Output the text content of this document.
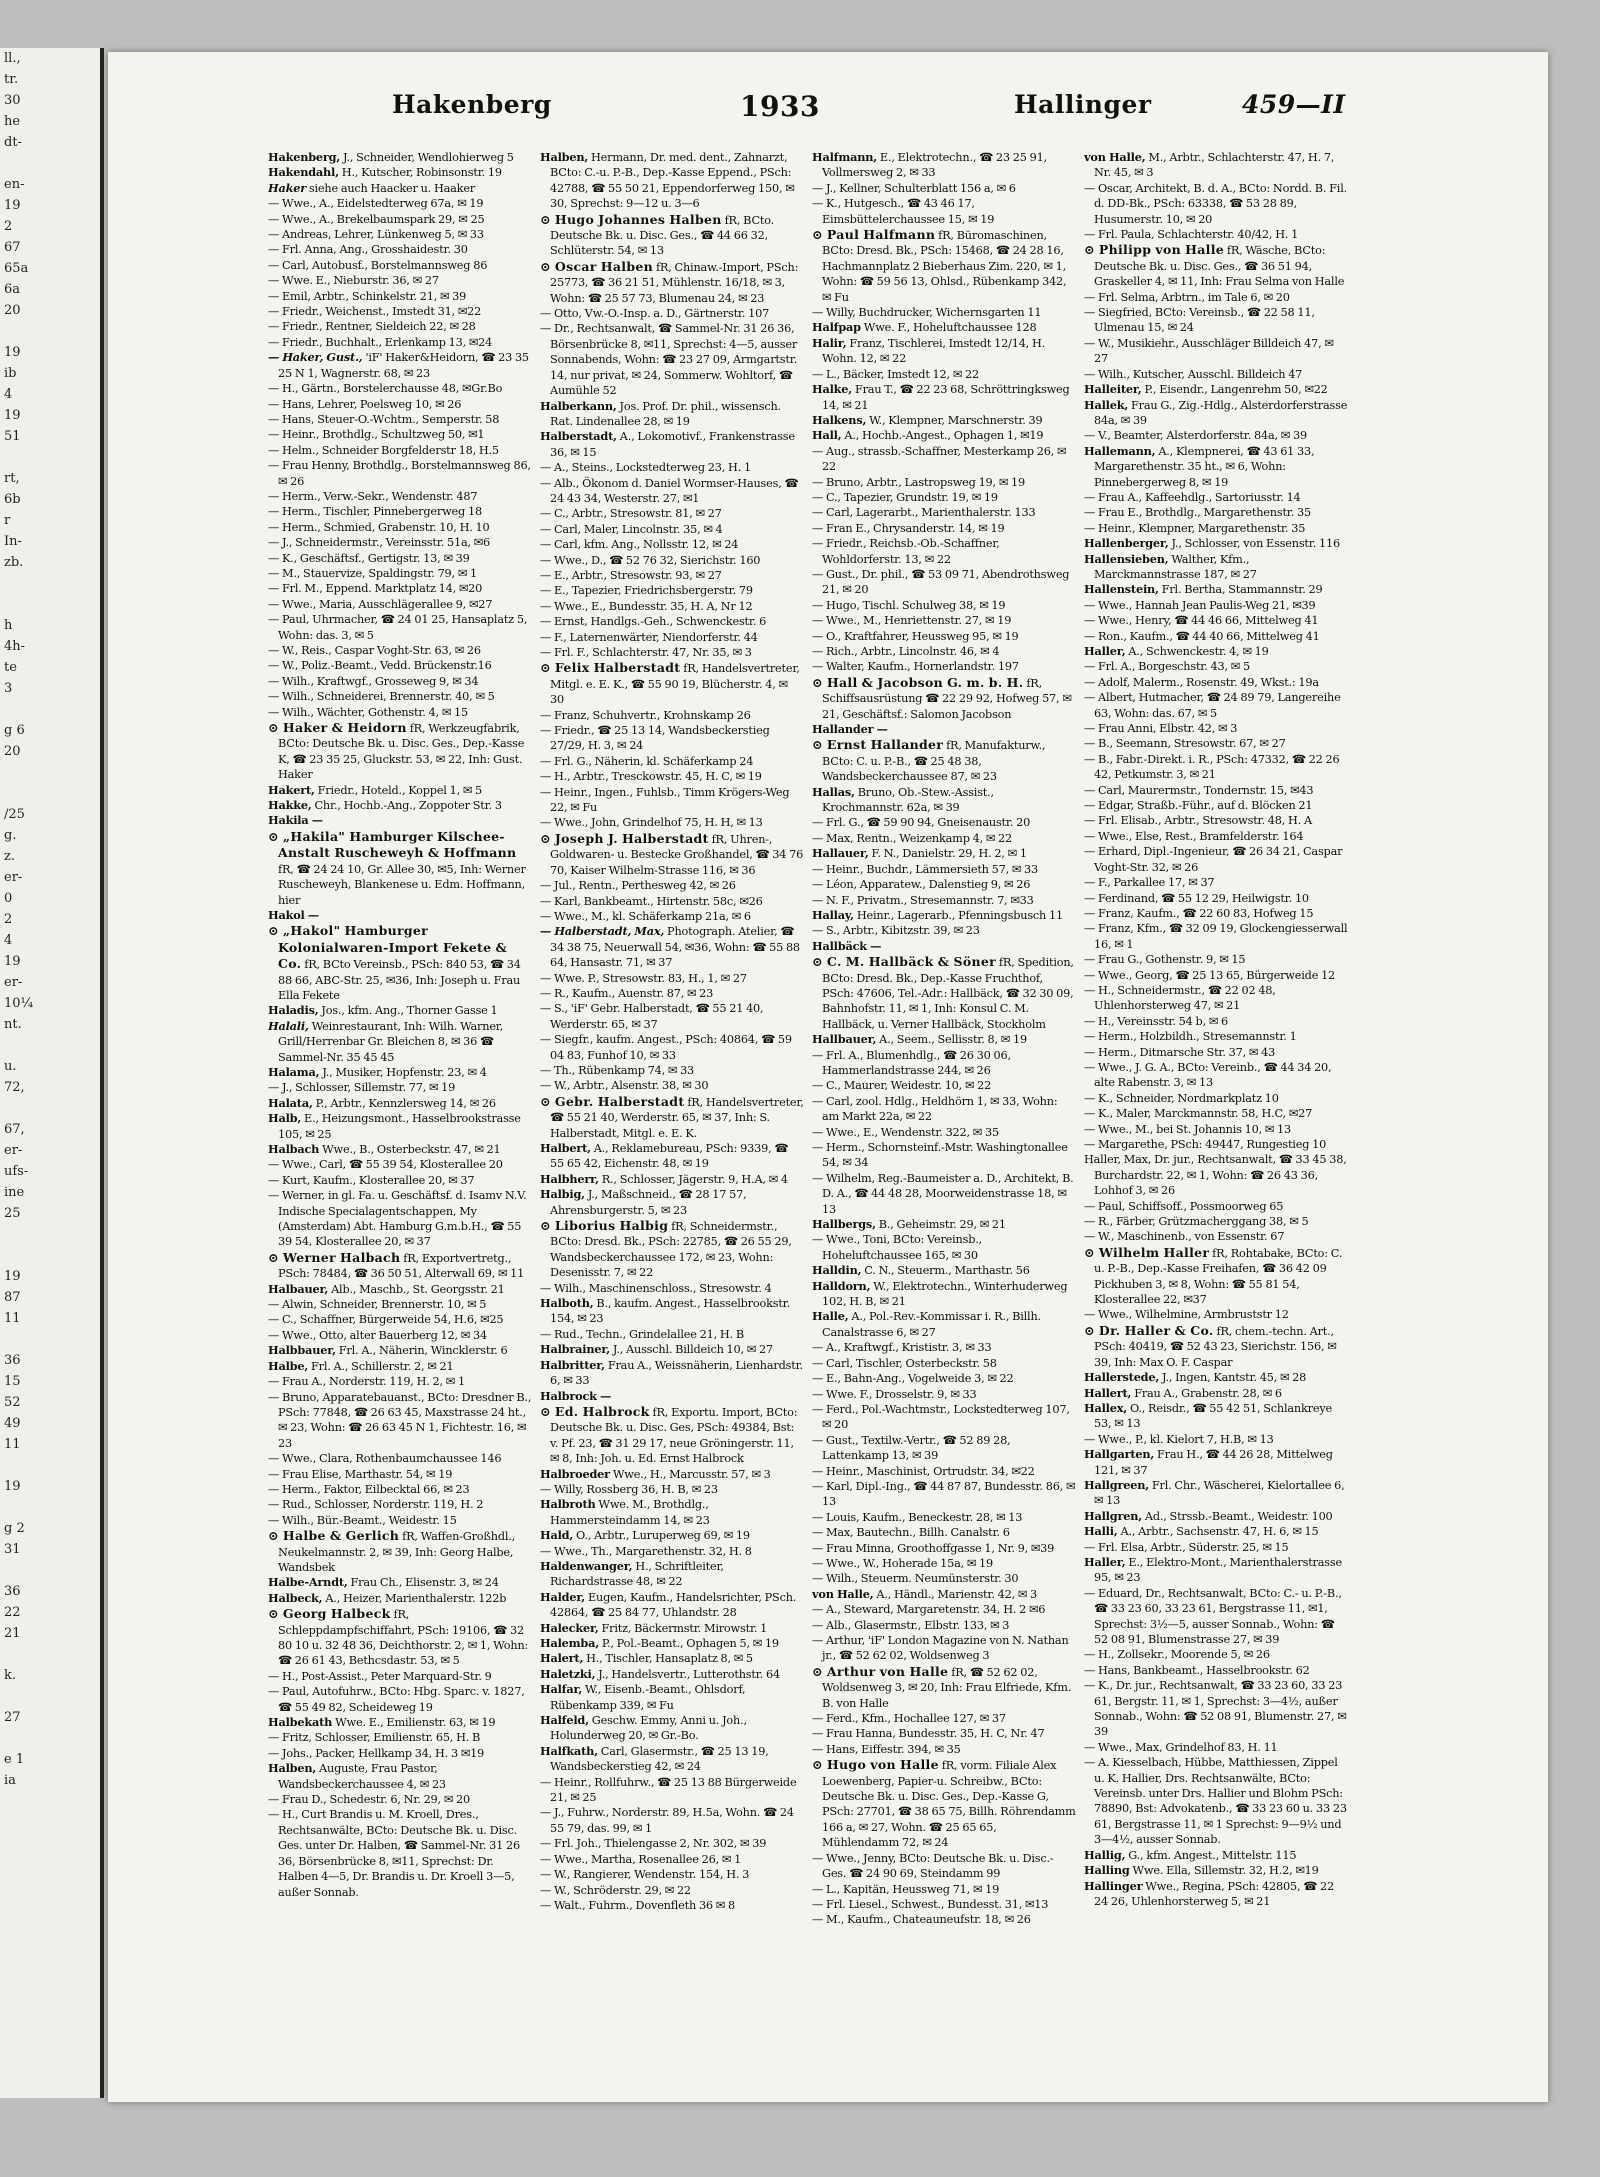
ll.,
tr.
30
he
dt-

en-
19
2
67
65a
6a
20

19
ib
4
19
51

rt,
6b
r
In-
zb.

h
4h-
te
3

g 6
20

/25
g.
z.
er-
0
2
4
19
er-
10¼
nt.

u.
72,

67,
er-
ufs-
ine
25

19
87
11

36
15
52
49
11

19

g 2
31

36
22
21

k.

27

e 1
ia
Hakenberg	1933	Hallinger	459—II
Hakenberg, J., Schneider, Wendlohierweg 5
Hakendahl, H., Kutscher, Robinsonstr. 19
Haker siehe auch Haacker u. Haaker
— Wwe., A., Eidelstedterweg 67a, ✉ 19
— Wwe., A., Brekelbaumspark 29, ✉ 25
— Andreas, Lehrer, Lünkenweg 5, ✉ 33
— Frl. Anna, Ang., Grosshaidestr. 30
— Carl, Autobusf., Borstelmannsweg 86
— Wwe. E., Nieburstr. 36, ✉ 27
— Emil, Arbtr., Schinkelstr. 21, ✉ 39
— Friedr., Weichenst., Imstedt 31, ✉22
— Friedr., Rentner, Sieldeich 22, ✉ 28
— Friedr., Buchhalt., Erlenkamp 13, ✉24
— Haker, Gust., 'iF' Haker&Heidorn, ☎ 23 35 25 N 1, Wagnerstr. 68, ✉ 23
— H., Gärtn., Borstelerchausse 48, ✉Gr.Bo
— Hans, Lehrer, Poelsweg 10, ✉ 26
— Hans, Steuer-O.-Wchtm., Semperstr. 58
— Heinr., Brothdlg., Schultzweg 50, ✉1
— Helm., Schneider Borgfelderstr 18, H.5
— Frau Henny, Brothdlg., Borstelmannsweg 86, ✉ 26
— Herm., Verw.-Sekr., Wendenstr. 487
— Herm., Tischler, Pinnebergerweg 18
— Herm., Schmied, Grabenstr. 10, H. 10
— J., Schneidermstr., Vereinsstr. 51a, ✉6
— K., Geschäftsf., Gertigstr. 13, ✉ 39
— M., Stauervize, Spaldingstr. 79, ✉ 1
— Frl. M., Eppend. Marktplatz 14, ✉20
— Wwe., Maria, Ausschlägerallee 9, ✉27
— Paul, Uhrmacher, ☎ 24 01 25, Hansaplatz 5, Wohn: das. 3, ✉ 5
— W., Reis., Caspar Voght-Str. 63, ✉ 26
— W., Poliz.-Beamt., Vedd. Brückenstr.16
— Wilh., Kraftwgf., Grosseweg 9, ✉ 34
— Wilh., Schneiderei, Brennerstr. 40, ✉ 5
— Wilh., Wächter, Gothenstr. 4, ✉ 15
⊙ Haker & Heidorn fR, Werkzeugfabrik, BCto: Deutsche Bk. u. Disc. Ges., Dep.-Kasse K, ☎ 23 35 25, Gluckstr. 53, ✉ 22, Inh: Gust. Haker
Hakert, Friedr., Hoteld., Koppel 1, ✉ 5
Hakke, Chr., Hochb.-Ang., Zoppoter Str. 3
Hakila —
⊙ „Hakila" Hamburger Kilschee-Anstalt Ruscheweyh & Hoffmann fR, ☎ 24 24 10, Gr. Allee 30, ✉5, Inh: Werner Ruscheweyh, Blankenese u. Edm. Hoffmann, hier
Hakol —
⊙ „Hakol" Hamburger Kolonialwaren-Import Fekete & Co. fR, BCto Vereinsb., PSch: 840 53, ☎ 34 88 66, ABC-Str. 25, ✉36, Inh: Joseph u. Frau Ella Fekete
Haladis, Jos., kfm. Ang., Thorner Gasse 1
Halali, Weinrestaurant, Inh: Wilh. Warner, Grill/Herrenbar Gr. Bleichen 8, ✉ 36 ☎ Sammel-Nr. 35 45 45
Halama, J., Musiker, Hopfenstr. 23, ✉ 4
— J., Schlosser, Sillemstr. 77, ✉ 19
Halata, P., Arbtr., Kennzlersweg 14, ✉ 26
Halb, E., Heizungsmont., Hasselbrookstrasse 105, ✉ 25
Halbach Wwe., B., Osterbeckstr. 47, ✉ 21
— Wwe., Carl, ☎ 55 39 54, Klosterallee 20
— Kurt, Kaufm., Klosterallee 20, ✉ 37
— Werner, in gl. Fa. u. Geschäftsf. d. Isamv N.V. Indische Specialagentschappen, My (Amsterdam) Abt. Hamburg G.m.b.H., ☎ 55 39 54, Klosterallee 20, ✉ 37
⊙ Werner Halbach fR, Exportvertretg., PSch: 78484, ☎ 36 50 51, Alterwall 69, ✉ 11
Halbauer, Alb., Maschb., St. Georgsstr. 21
— Alwin, Schneider, Brennerstr. 10, ✉ 5
— C., Schaffner, Bürgerweide 54, H.6, ✉25
— Wwe., Otto, alter Bauerberg 12, ✉ 34
Halbbauer, Frl. A., Näherin, Wincklerstr. 6
Halbe, Frl. A., Schillerstr. 2, ✉ 21
— Frau A., Norderstr. 119, H. 2, ✉ 1
— Bruno, Apparatebauanst., BCto: Dresdner B., PSch: 77848, ☎ 26 63 45, Maxstrasse 24 ht., ✉ 23, Wohn: ☎ 26 63 45 N 1, Fichtestr. 16, ✉ 23
— Wwe., Clara, Rothenbaumchaussee 146
— Frau Elise, Marthastr. 54, ✉ 19
— Herm., Faktor, Eilbecktal 66, ✉ 23
— Rud., Schlosser, Norderstr. 119, H. 2
— Wilh., Bür.-Beamt., Weidestr. 15
⊙ Halbe & Gerlich fR, Waffen-Großhdl., Neukelmannstr. 2, ✉ 39, Inh: Georg Halbe, Wandsbek
Halbe-Arndt, Frau Ch., Elisenstr. 3, ✉ 24
Halbeck, A., Heizer, Marienthalerstr. 122b
⊙ Georg Halbeck fR, Schleppdampfschiffahrt, PSch: 19106, ☎ 32 80 10 u. 32 48 36, Deichthorstr. 2, ✉ 1, Wohn: ☎ 26 61 43, Bethcsdastr. 53, ✉ 5
— H., Post-Assist., Peter Marquard-Str. 9
— Paul, Autofuhrw., BCto: Hbg. Sparc. v. 1827, ☎ 55 49 82, Scheideweg 19
Halbekath Wwe. E., Emilienstr. 63, ✉ 19
— Fritz, Schlosser, Emilienstr. 65, H. B
— Johs., Packer, Hellkamp 34, H. 3 ✉19
Halben, Auguste, Frau Pastor, Wandsbeckerchaussee 4, ✉ 23
— Frau D., Schedestr. 6, Nr. 29, ✉ 20
— H., Curt Brandis u. M. Kroell, Dres., Rechtsanwälte, BCto: Deutsche Bk. u. Disc. Ges. unter Dr. Halben, ☎ Sammel-Nr. 31 26 36, Börsenbrücke 8, ✉11, Sprechst: Dr. Halben 4—5, Dr. Brandis u. Dr. Kroell 3—5, außer Sonnab.
Halben, Hermann, Dr. med. dent., Zahnarzt, BCto: C.-u. P.-B., Dep.-Kasse Eppend., PSch: 42788, ☎ 55 50 21, Eppendorferweg 150, ✉ 30, Sprechst: 9—12 u. 3—6
⊙ Hugo Johannes Halben fR, BCto. Deutsche Bk. u. Disc. Ges., ☎ 44 66 32, Schlüterstr. 54, ✉ 13
⊙ Oscar Halben fR, Chinaw.-Import, PSch: 25773, ☎ 36 21 51, Mühlenstr. 16/18, ✉ 3, Wohn: ☎ 25 57 73, Blumenau 24, ✉ 23
— Otto, Vw.-O.-Insp. a. D., Gärtnerstr. 107
— Dr., Rechtsanwalt, ☎ Sammel-Nr. 31 26 36, Börsenbrücke 8, ✉11, Sprechst: 4—5, ausser Sonnabends, Wohn: ☎ 23 27 09, Armgartstr. 14, nur privat, ✉ 24, Sommerw. Wohltorf, ☎ Aumühle 52
Halberkann, Jos. Prof. Dr. phil., wissensch. Rat. Lindenallee 28, ✉ 19
Halberstadt, A., Lokomotivf., Frankenstrasse 36, ✉ 15
— A., Steins., Lockstedterweg 23, H. 1
— Alb., Ökonom d. Daniel Wormser-Hauses, ☎ 24 43 34, Westerstr. 27, ✉1
— C., Arbtr., Stresowstr. 81, ✉ 27
— Carl, Maler, Lincolnstr. 35, ✉ 4
— Carl, kfm. Ang., Nollsstr. 12, ✉ 24
— Wwe., D., ☎ 52 76 32, Sierichstr. 160
— E., Arbtr., Stresowstr. 93, ✉ 27
— E., Tapezier, Friedrichsbergerstr. 79
— Wwe., E., Bundesstr. 35, H. A, Nr 12
— Ernst, Handlgs.-Geh., Schwenckestr. 6
— F., Laternenwärter, Niendorferstr. 44
— Frl. F., Schlachterstr. 47, Nr. 35, ✉ 3
⊙ Felix Halberstadt fR, Handelsvertreter, Mitgl. e. E. K., ☎ 55 90 19, Blücherstr. 4, ✉ 30
— Franz, Schuhvertr., Krohnskamp 26
— Friedr., ☎ 25 13 14, Wandsbeckerstieg 27/29, H. 3, ✉ 24
— Frl. G., Näherin, kl. Schäferkamp 24
— H., Arbtr., Tresckowstr. 45, H. C, ✉ 19
— Heinr., Ingen., Fuhlsb., Timm Krögers-Weg 22, ✉ Fu
— Wwe., John, Grindelhof 75, H. H, ✉ 13
⊙ Joseph J. Halberstadt fR, Uhren-, Goldwaren- u. Bestecke Großhandel, ☎ 34 76 70, Kaiser Wilhelm-Strasse 116, ✉ 36
— Jul., Rentn., Perthesweg 42, ✉ 26
— Karl, Bankbeamt., Hirtenstr. 58c, ✉26
— Wwe., M., kl. Schäferkamp 21a, ✉ 6
— Halberstadt, Max, Photograph. Atelier, ☎ 34 38 75, Neuerwall 54, ✉36, Wohn: ☎ 55 88 64, Hansastr. 71, ✉ 37
— Wwe. P., Stresowstr. 83, H., 1, ✉ 27
— R., Kaufm., Auenstr. 87, ✉ 23
— S., 'iF' Gebr. Halberstadt, ☎ 55 21 40, Werderstr. 65, ✉ 37
— Siegfr., kaufm. Angest., PSch: 40864, ☎ 59 04 83, Funhof 10, ✉ 33
— Th., Rübenkamp 74, ✉ 33
— W., Arbtr., Alsenstr. 38, ✉ 30
⊙ Gebr. Halberstadt fR, Handelsvertreter, ☎ 55 21 40, Werderstr. 65, ✉ 37, Inh: S. Halberstadt, Mitgl. e. E. K.
Halbert, A., Reklamebureau, PSch: 9339, ☎ 55 65 42, Eichenstr. 48, ✉ 19
Halbherr, R., Schlosser, Jägerstr. 9, H.A, ✉ 4
Halbig, J., Maßschneid., ☎ 28 17 57, Ahrensburgerstr. 5, ✉ 23
⊙ Liborius Halbig fR, Schneidermstr., BCto: Dresd. Bk., PSch: 22785, ☎ 26 55 29, Wandsbeckerchaussee 172, ✉ 23, Wohn: Desenisstr. 7, ✉ 22
— Wilh., Maschinenschloss., Stresowstr. 4
Halboth, B., kaufm. Angest., Hasselbrookstr. 154, ✉ 23
— Rud., Techn., Grindelallee 21, H. B
Halbrainer, J., Ausschl. Billdeich 10, ✉ 27
Halbritter, Frau A., Weissnäherin, Lienhardstr. 6, ✉ 33
Halbrock —
⊙ Ed. Halbrock fR, Exportu. Import, BCto: Deutsche Bk. u. Disc. Ges, PSch: 49384, Bst: v. Pf. 23, ☎ 31 29 17, neue Gröningerstr. 11, ✉ 8, Inh: Joh. u. Ed. Ernst Halbrock
Halbroeder Wwe., H., Marcusstr. 57, ✉ 3
— Willy, Rossberg 36, H. B, ✉ 23
Halbroth Wwe. M., Brothdlg., Hammersteindamm 14, ✉ 23
Hald, O., Arbtr., Luruperweg 69, ✉ 19
— Wwe., Th., Margarethenstr. 32, H. 8
Haldenwanger, H., Schriftleiter, Richardstrasse 48, ✉ 22
Halder, Eugen, Kaufm., Handelsrichter, PSch. 42864, ☎ 25 84 77, Uhlandstr. 28
Halecker, Fritz, Bäckermstr. Mirowstr. 1
Halemba, P., Pol.-Beamt., Ophagen 5, ✉ 19
Halert, H., Tischler, Hansaplatz 8, ✉ 5
Haletzki, J., Handelsvertr., Lutterothstr. 64
Halfar, W., Eisenb.-Beamt., Ohlsdorf, Rübenkamp 339, ✉ Fu
Halfeld, Geschw. Emmy, Anni u. Joh., Holunderweg 20, ✉ Gr.-Bo.
Halfkath, Carl, Glasermstr., ☎ 25 13 19, Wandsbeckerstieg 42, ✉ 24
— Heinr., Rollfuhrw., ☎ 25 13 88 Bürgerweide 21, ✉ 25
— J., Fuhrw., Norderstr. 89, H.5a, Wohn. ☎ 24 55 79, das. 99, ✉ 1
— Frl. Joh., Thielengasse 2, Nr. 302, ✉ 39
— Wwe., Martha, Rosenallee 26, ✉ 1
— W., Rangierer, Wendenstr. 154, H. 3
— W., Schröderstr. 29, ✉ 22
— Walt., Fuhrm., Dovenfleth 36 ✉ 8
Halfmann, E., Elektrotechn., ☎ 23 25 91, Vollmersweg 2, ✉ 33
— J., Kellner, Schulterblatt 156 a, ✉ 6
— K., Hutgesch., ☎ 43 46 17, Eimsbüttelerchaussee 15, ✉ 19
⊙ Paul Halfmann fR, Büromaschinen, BCto: Dresd. Bk., PSch: 15468, ☎ 24 28 16, Hachmannplatz 2 Bieberhaus Zim. 220, ✉ 1, Wohn: ☎ 59 56 13, Ohlsd., Rübenkamp 342, ✉ Fu
— Willy, Buchdrucker, Wichernsgarten 11
Halfpap Wwe. F., Hoheluftchaussee 128
Halir, Franz, Tischlerei, Imstedt 12/14, H. Wohn. 12, ✉ 22
— L., Bäcker, Imstedt 12, ✉ 22
Halke, Frau T., ☎ 22 23 68, Schröttringksweg 14, ✉ 21
Halkens, W., Klempner, Marschnerstr. 39
Hall, A., Hochb.-Angest., Ophagen 1, ✉19
— Aug., strassb.-Schaffner, Mesterkamp 26, ✉ 22
— Bruno, Arbtr., Lastropsweg 19, ✉ 19
— C., Tapezier, Grundstr. 19, ✉ 19
— Carl, Lagerarbt., Marienthalerstr. 133
— Fran E., Chrysanderstr. 14, ✉ 19
— Friedr., Reichsb.-Ob.-Schaffner, Wohldorferstr. 13, ✉ 22
— Gust., Dr. phil., ☎ 53 09 71, Abendrothsweg 21, ✉ 20
— Hugo, Tischl. Schulweg 38, ✉ 19
— Wwe., M., Henriettenstr. 27, ✉ 19
— O., Kraftfahrer, Heussweg 95, ✉ 19
— Rich., Arbtr., Lincolnstr. 46, ✉ 4
— Walter, Kaufm., Hornerlandstr. 197
⊙ Hall & Jacobson G. m. b. H. fR, Schiffsausrüstung ☎ 22 29 92, Hofweg 57, ✉ 21, Geschäftsf.: Salomon Jacobson
Hallander —
⊙ Ernst Hallander fR, Manufakturw., BCto: C. u. P.-B., ☎ 25 48 38, Wandsbeckerchaussee 87, ✉ 23
Hallas, Bruno, Ob.-Stew.-Assist., Krochmannstr. 62a, ✉ 39
— Frl. G., ☎ 59 90 94, Gneisenaustr. 20
— Max, Rentn., Weizenkamp 4, ✉ 22
Hallauer, F. N., Danielstr. 29, H. 2, ✉ 1
— Heinr., Buchdr., Lämmersieth 57, ✉ 33
— Léon, Apparatew., Dalenstieg 9, ✉ 26
— N. F., Privatm., Stresemannstr. 7, ✉33
Hallay, Heinr., Lagerarb., Pfenningsbusch 11
— S., Arbtr., Kibitzstr. 39, ✉ 23
Hallbäck —
⊙ C. M. Hallbäck & Söner fR, Spedition, BCto: Dresd. Bk., Dep.-Kasse Fruchthof, PSch: 47606, Tel.-Adr.: Hallbäck, ☎ 32 30 09, Bahnhofstr. 11, ✉ 1, Inh: Konsul C. M. Hallbäck, u. Verner Hallbäck, Stockholm
Hallbauer, A., Seem., Sellisstr. 8, ✉ 19
— Frl. A., Blumenhdlg., ☎ 26 30 06, Hammerlandstrasse 244, ✉ 26
— C., Maurer, Weidestr. 10, ✉ 22
— Carl, zool. Hdlg., Heldhörn 1, ✉ 33, Wohn: am Markt 22a, ✉ 22
— Wwe., E., Wendenstr. 322, ✉ 35
— Herm., Schornsteinf.-Mstr. Washingtonallee 54, ✉ 34
— Wilhelm, Reg.-Baumeister a. D., Architekt, B. D. A., ☎ 44 48 28, Moorweidenstrasse 18, ✉ 13
Hallbergs, B., Geheimstr. 29, ✉ 21
— Wwe., Toni, BCto: Vereinsb., Hoheluftchaussee 165, ✉ 30
Halldin, C. N., Steuerm., Marthastr. 56
Halldorn, W., Elektrotechn., Winterhuderweg 102, H. B, ✉ 21
Halle, A., Pol.-Rev.-Kommissar i. R., Billh. Canalstrasse 6, ✉ 27
— A., Kraftwgf., Krististr. 3, ✉ 33
— Carl, Tischler, Osterbeckstr. 58
— E., Bahn-Ang., Vogelweide 3, ✉ 22
— Wwe. F., Drosselstr. 9, ✉ 33
— Ferd., Pol.-Wachtmstr., Lockstedterweg 107, ✉ 20
— Gust., Textilw.-Vertr., ☎ 52 89 28, Lattenkamp 13, ✉ 39
— Heinr., Maschinist, Ortrudstr. 34, ✉22
— Karl, Dipl.-Ing., ☎ 44 87 87, Bundesstr. 86, ✉ 13
— Louis, Kaufm., Beneckestr. 28, ✉ 13
— Max, Bautechn., Billh. Canalstr. 6
— Frau Minna, Groothoffgasse 1, Nr. 9, ✉39
— Wwe., W., Hoherade 15a, ✉ 19
— Wilh., Steuerm. Neumünsterstr. 30
von Halle, A., Händl., Marienstr. 42, ✉ 3
— A., Steward, Margaretenstr. 34, H. 2 ✉6
— Alb., Glasermstr., Elbstr. 133, ✉ 3
— Arthur, 'iF' London Magazine von N. Nathan jr., ☎ 52 62 02, Woldsenweg 3
⊙ Arthur von Halle fR, ☎ 52 62 02, Woldsenweg 3, ✉ 20, Inh: Frau Elfriede, Kfm. B. von Halle
— Ferd., Kfm., Hochallee 127, ✉ 37
— Frau Hanna, Bundesstr. 35, H. C, Nr. 47
— Hans, Eiffestr. 394, ✉ 35
⊙ Hugo von Halle fR, vorm. Filiale Alex Loewenberg, Papier-u. Schreibw., BCto: Deutsche Bk. u. Disc. Ges., Dep.-Kasse G, PSch: 27701, ☎ 38 65 75, Billh. Röhrendamm 166 a, ✉ 27, Wohn. ☎ 25 65 65, Mühlendamm 72, ✉ 24
— Wwe., Jenny, BCto: Deutsche Bk. u. Disc.-Ges. ☎ 24 90 69, Steindamm 99
— L., Kapitän, Heussweg 71, ✉ 19
— Frl. Liesel., Schwest., Bundesst. 31, ✉13
— M., Kaufm., Chateauneufstr. 18, ✉ 26
von Halle, M., Arbtr., Schlachterstr. 47, H. 7, Nr. 45, ✉ 3
— Oscar, Architekt, B. d. A., BCto: Nordd. B. Fil. d. DD-Bk., PSch: 63338, ☎ 53 28 89, Husumerstr. 10, ✉ 20
— Frl. Paula, Schlachterstr. 40/42, H. 1
⊙ Philipp von Halle fR, Wäsche, BCto: Deutsche Bk. u. Disc. Ges., ☎ 36 51 94, Graskeller 4, ✉ 11, Inh: Frau Selma von Halle
— Frl. Selma, Arbtrn., im Tale 6, ✉ 20
— Siegfried, BCto: Vereinsb., ☎ 22 58 11, Ulmenau 15, ✉ 24
— W., Musikiehr., Ausschläger Billdeich 47, ✉ 27
— Wilh., Kutscher, Ausschl. Billdeich 47
Halleiter, P., Eisendr., Langenrehm 50, ✉22
Hallek, Frau G., Zig.-Hdlg., Alsterdorferstrasse 84a, ✉ 39
— V., Beamter, Alsterdorferstr. 84a, ✉ 39
Hallemann, A., Klempnerei, ☎ 43 61 33, Margarethenstr. 35 ht., ✉ 6, Wohn: Pinnebergerweg 8, ✉ 19
— Frau A., Kaffeehdlg., Sartoriusstr. 14
— Frau E., Brothdlg., Margarethenstr. 35
— Heinr., Klempner, Margarethenstr. 35
Hallenberger, J., Schlosser, von Essenstr. 116
Hallensieben, Walther, Kfm., Marckmannstrasse 187, ✉ 27
Hallenstein, Frl. Bertha, Stammannstr. 29
— Wwe., Hannah Jean Paulis-Weg 21, ✉39
— Wwe., Henry, ☎ 44 46 66, Mittelweg 41
— Ron., Kaufm., ☎ 44 40 66, Mittelweg 41
Haller, A., Schwenckestr. 4, ✉ 19
— Frl. A., Borgeschstr. 43, ✉ 5
— Adolf, Malerm., Rosenstr. 49, Wkst.: 19a
— Albert, Hutmacher, ☎ 24 89 79, Langereihe 63, Wohn: das. 67, ✉ 5
— Frau Anni, Elbstr. 42, ✉ 3
— B., Seemann, Stresowstr. 67, ✉ 27
— B., Fabr.-Direkt. i. R., PSch: 47332, ☎ 22 26 42, Petkumstr. 3, ✉ 21
— Carl, Maurermstr., Tondernstr. 15, ✉43
— Edgar, Straßb.-Führ., auf d. Blöcken 21
— Frl. Elisab., Arbtr., Stresowstr. 48, H. A
— Wwe., Else, Rest., Bramfelderstr. 164
— Erhard, Dipl.-Ingenieur, ☎ 26 34 21, Caspar Voght-Str. 32, ✉ 26
— F., Parkallee 17, ✉ 37
— Ferdinand, ☎ 55 12 29, Heilwigstr. 10
— Franz, Kaufm., ☎ 22 60 83, Hofweg 15
— Franz, Kfm., ☎ 32 09 19, Glockengiesserwall 16, ✉ 1
— Frau G., Gothenstr. 9, ✉ 15
— Wwe., Georg, ☎ 25 13 65, Bürgerweide 12
— H., Schneidermstr., ☎ 22 02 48, Uhlenhorsterweg 47, ✉ 21
— H., Vereinsstr. 54 b, ✉ 6
— Herm., Holzbildh., Stresemannstr. 1
— Herm., Ditmarsche Str. 37, ✉ 43
— Wwe., J. G. A., BCto: Vereinb., ☎ 44 34 20, alte Rabenstr. 3, ✉ 13
— K., Schneider, Nordmarkplatz 10
— K., Maler, Marckmannstr. 58, H.C, ✉27
— Wwe., M., bei St. Johannis 10, ✉ 13
— Margarethe, PSch: 49447, Rungestieg 10
Haller, Max, Dr. jur., Rechtsanwalt, ☎ 33 45 38, Burchardstr. 22, ✉ 1, Wohn: ☎ 26 43 36, Lohhof 3, ✉ 26
— Paul, Schiffsoff., Possmoorweg 65
— R., Färber, Grützmacherggang 38, ✉ 5
— W., Maschinenb., von Essenstr. 67
⊙ Wilhelm Haller fR, Rohtabake, BCto: C. u. P.-B., Dep.-Kasse Freihafen, ☎ 36 42 09 Pickhuben 3, ✉ 8, Wohn: ☎ 55 81 54, Klosterallee 22, ✉37
— Wwe., Wilhelmine, Armbruststr 12
⊙ Dr. Haller & Co. fR, chem.-techn. Art., PSch: 40419, ☎ 52 43 23, Sierichstr. 156, ✉ 39, Inh: Max O. F. Caspar
Hallerstede, J., Ingen, Kantstr. 45, ✉ 28
Hallert, Frau A., Grabenstr. 28, ✉ 6
Hallex, O., Reisdr., ☎ 55 42 51, Schlankreye 53, ✉ 13
— Wwe., P., kl. Kielort 7, H.B, ✉ 13
Hallgarten, Frau H., ☎ 44 26 28, Mittelweg 121, ✉ 37
Hallgreen, Frl. Chr., Wäscherei, Kielortallee 6, ✉ 13
Hallgren, Ad., Strssb.-Beamt., Weidestr. 100
Halli, A., Arbtr., Sachsenstr. 47, H. 6, ✉ 15
— Frl. Elsa, Arbtr., Süderstr. 25, ✉ 15
Haller, E., Elektro-Mont., Marienthalerstrasse 95, ✉ 23
— Eduard, Dr., Rechtsanwalt, BCto: C.- u. P.-B., ☎ 33 23 60, 33 23 61, Bergstrasse 11, ✉1, Sprechst: 3½—5, ausser Sonnab., Wohn: ☎ 52 08 91, Blumenstrasse 27, ✉ 39
— H., Zollsekr., Moorende 5, ✉ 26
— Hans, Bankbeamt., Hasselbrookstr. 62
— K., Dr. jur., Rechtsanwalt, ☎ 33 23 60, 33 23 61, Bergstr. 11, ✉ 1, Sprechst: 3—4½, außer Sonnab., Wohn: ☎ 52 08 91, Blumenstr. 27, ✉ 39
— Wwe., Max, Grindelhof 83, H. 11
— A. Kiesselbach, Hübbe, Matthiessen, Zippel u. K. Hallier, Drs. Rechtsanwälte, BCto: Vereinsb. unter Drs. Hallier und Blohm PSch: 78890, Bst: Advokatenb., ☎ 33 23 60 u. 33 23 61, Bergstrasse 11, ✉ 1 Sprechst: 9—9½ und 3—4½, ausser Sonnab.
Hallig, G., kfm. Angest., Mittelstr. 115
Halling Wwe. Ella, Sillemstr. 32, H.2, ✉19
Hallinger Wwe., Regina, PSch: 42805, ☎ 22 24 26, Uhlenhorsterweg 5, ✉ 21
